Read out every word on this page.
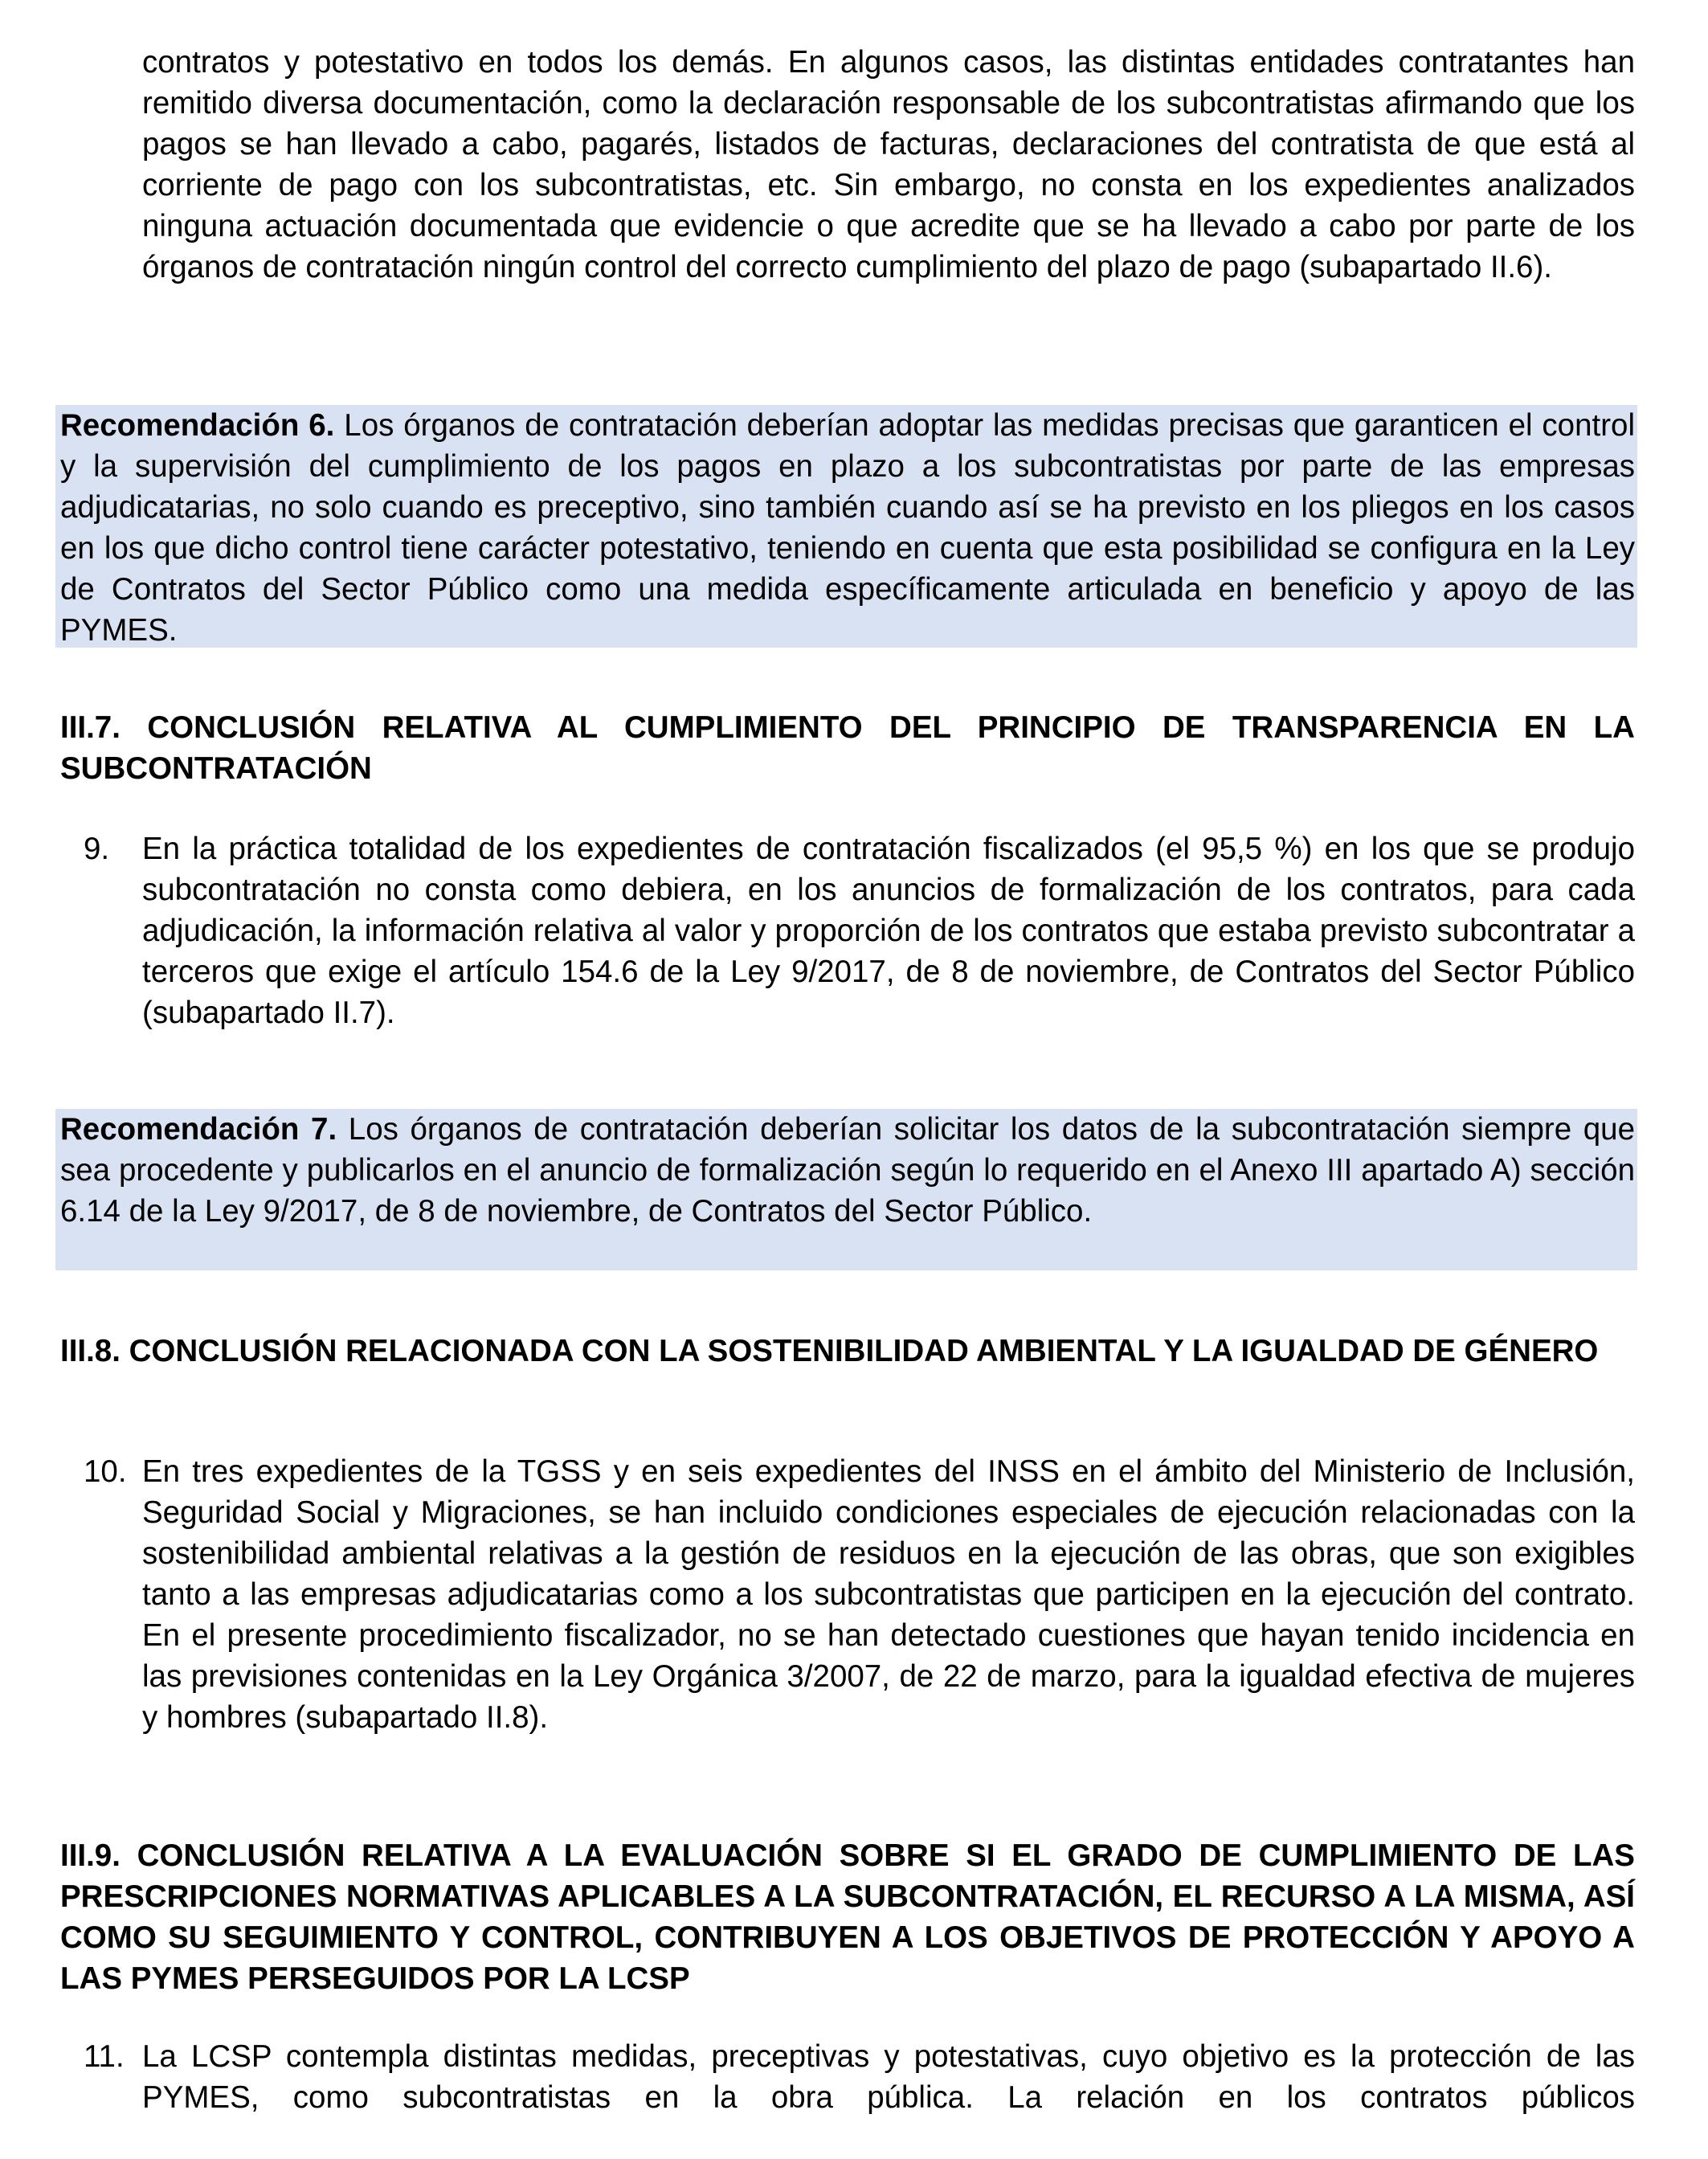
contratos y potestativo en todos los demás. En algunos casos, las distintas entidades contratantes han remitido diversa documentación, como la declaración responsable de los subcontratistas afirmando que los pagos se han llevado a cabo, pagarés, listados de facturas, declaraciones del contratista de que está al corriente de pago con los subcontratistas, etc. Sin embargo, no consta en los expedientes analizados ninguna actuación documentada que evidencie o que acredite que se ha llevado a cabo por parte de los órganos de contratación ningún control del correcto cumplimiento del plazo de pago (subapartado II.6).

Recomendación 6. Los órganos de contratación deberían adoptar las medidas precisas que garanticen el control y la supervisión del cumplimiento de los pagos en plazo a los subcontratistas por parte de las empresas adjudicatarias, no solo cuando es preceptivo, sino también cuando así se ha previsto en los pliegos en los casos en los que dicho control tiene carácter potestativo, teniendo en cuenta que esta posibilidad se configura en la Ley de Contratos del Sector Público como una medida específicamente articulada en beneficio y apoyo de las PYMES.

III.7. CONCLUSIÓN RELATIVA AL CUMPLIMIENTO DEL PRINCIPIO DE TRANSPARENCIA EN LA SUBCONTRATACIÓN
9. En la práctica totalidad de los expedientes de contratación fiscalizados (el 95,5 %) en los que se produjo subcontratación no consta como debiera, en los anuncios de formalización de los contratos, para cada adjudicación, la información relativa al valor y proporción de los contratos que estaba previsto subcontratar a terceros que exige el artículo 154.6 de la Ley 9/2017, de 8 de noviembre, de Contratos del Sector Público (subapartado II.7).

Recomendación 7. Los órganos de contratación deberían solicitar los datos de la subcontratación siempre que sea procedente y publicarlos en el anuncio de formalización según lo requerido en el Anexo III apartado A) sección 6.14 de la Ley 9/2017, de 8 de noviembre, de Contratos del Sector Público.

III.8. CONCLUSIÓN RELACIONADA CON LA SOSTENIBILIDAD AMBIENTAL Y LA IGUALDAD DE GÉNERO
10. En tres expedientes de la TGSS y en seis expedientes del INSS en el ámbito del Ministerio de Inclusión, Seguridad Social y Migraciones, se han incluido condiciones especiales de ejecución relacionadas con la sostenibilidad ambiental relativas a la gestión de residuos en la ejecución de las obras, que son exigibles tanto a las empresas adjudicatarias como a los subcontratistas que participen en la ejecución del contrato. En el presente procedimiento fiscalizador, no se han detectado cuestiones que hayan tenido incidencia en las previsiones contenidas en la Ley Orgánica 3/2007, de 22 de marzo, para la igualdad efectiva de mujeres y hombres (subapartado II.8).

III.9. CONCLUSIÓN RELATIVA A LA EVALUACIÓN SOBRE SI EL GRADO DE CUMPLIMIENTO DE LAS PRESCRIPCIONES NORMATIVAS APLICABLES A LA SUBCONTRATACIÓN, EL RECURSO A LA MISMA, ASÍ COMO SU SEGUIMIENTO Y CONTROL, CONTRIBUYEN A LOS OBJETIVOS DE PROTECCIÓN Y APOYO A LAS PYMES PERSEGUIDOS POR LA LCSP
11. La LCSP contempla distintas medidas, preceptivas y potestativas, cuyo objetivo es la protección de las PYMES, como subcontratistas en la obra pública. La relación en los contratos públicos
